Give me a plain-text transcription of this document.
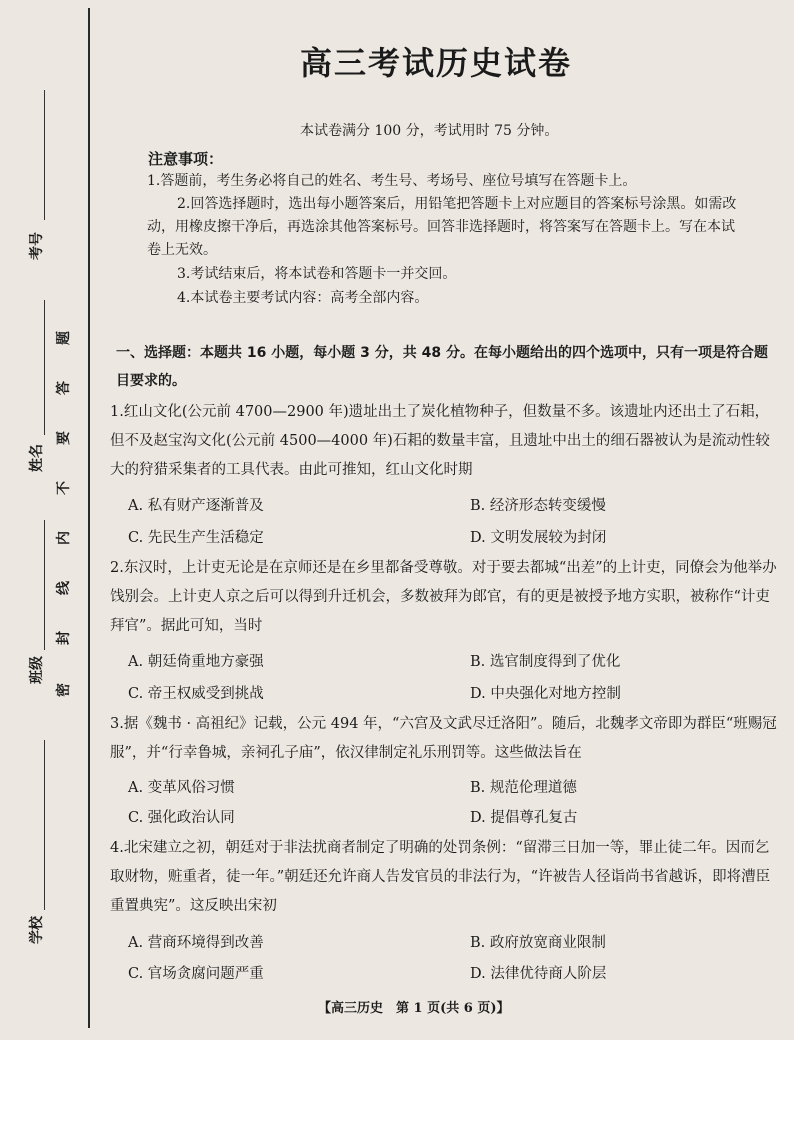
考号
姓名
班级
学校
密
封
线
内
不
要
答
题
高三考试历史试卷
本试卷满分 100 分，考试用时 75 分钟。
注意事项：
1.答题前，考生务必将自己的姓名、考生号、考场号、座位号填写在答题卡上。
2.回答选择题时，选出每小题答案后，用铅笔把答题卡上对应题目的答案标号涂黑。如需改动，用橡皮擦干净后，再选涂其他答案标号。回答非选择题时，将答案写在答题卡上。写在本试卷上无效。
3.考试结束后，将本试卷和答题卡一并交回。
4.本试卷主要考试内容：高考全部内容。
一、选择题：本题共 16 小题，每小题 3 分，共 48 分。在每小题给出的四个选项中，只有一项是符合题目要求的。
1.红山文化(公元前 4700—2900 年)遗址出土了炭化植物种子，但数量不多。该遗址内还出土了石耜，但不及赵宝沟文化(公元前 4500—4000 年)石耜的数量丰富，且遗址中出土的细石器被认为是流动性较大的狩猎采集者的工具代表。由此可推知，红山文化时期
A. 私有财产逐渐普及	B. 经济形态转变缓慢
C. 先民生产生活稳定	D. 文明发展较为封闭
2.东汉时，上计吏无论是在京师还是在乡里都备受尊敬。对于要去都城“出差”的上计吏，同僚会为他举办饯别会。上计吏人京之后可以得到升迁机会，多数被拜为郎官，有的更是被授予地方实职，被称作“计吏拜官”。据此可知，当时
A. 朝廷倚重地方豪强	B. 选官制度得到了优化
C. 帝王权威受到挑战	D. 中央强化对地方控制
3.据《魏书 · 高祖纪》记载，公元 494 年，“六宫及文武尽迁洛阳”。随后，北魏孝文帝即为群臣“班赐冠服”，并“行幸鲁城，亲祠孔子庙”，依汉律制定礼乐刑罚等。这些做法旨在
A. 变革风俗习惯	B. 规范伦理道德
C. 强化政治认同	D. 提倡尊孔复古
4.北宋建立之初，朝廷对于非法扰商者制定了明确的处罚条例：“留滞三日加一等，罪止徒二年。因而乞取财物，赃重者，徒一年。”朝廷还允许商人告发官员的非法行为，“许被告人径诣尚书省越诉，即将漕臣重置典宪”。这反映出宋初
A. 营商环境得到改善	B. 政府放宽商业限制
C. 官场贪腐问题严重	D. 法律优待商人阶层
【高三历史　第 1 页(共 6 页)】
